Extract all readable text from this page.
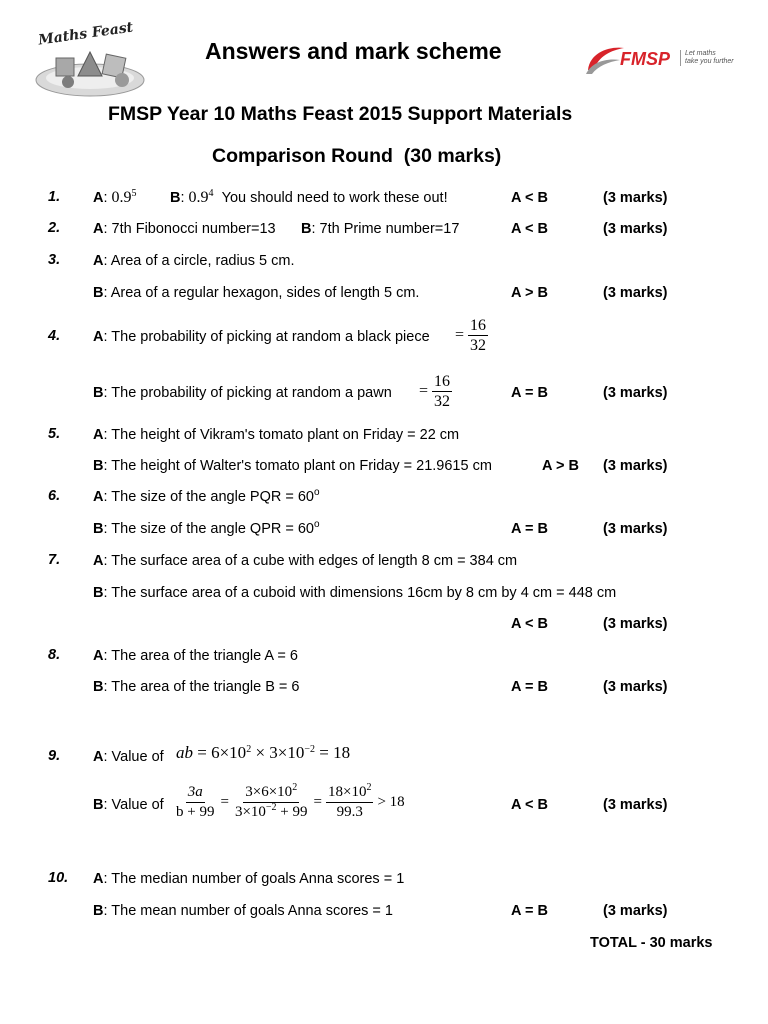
Maths Feast
Answers and mark scheme	FMSP	Let maths
take you further
FMSP Year 10 Maths Feast 2015 Support Materials
Comparison Round  (30 marks)
1. A: $0.9^5$ B: $0.9^4$ You should need to work these out!	A < B	(3 marks)
2. A: 7th Fibonocci number=13 B: 7th Prime number=17	A < B	(3 marks)
3. A: Area of a circle, radius 5 cm.
B: Area of a regular hexagon, sides of length 5 cm.	A > B	(3 marks)
4. A: The probability of picking at random a black piece = $\frac{16}{32}$
B: The probability of picking at random a pawn = $\frac{16}{32}$	A = B	(3 marks)
5. A: The height of Vikram's tomato plant on Friday = 22 cm
B: The height of Walter's tomato plant on Friday = 21.9615 cm	A > B (3 marks)
6. A: The size of the angle PQR = $60^o$
B: The size of the angle QPR = $60^o$	A = B	(3 marks)
7. A: The surface area of a cube with edges of length 8 cm = 384 cm
B: The surface area of a cuboid with dimensions 16cm by 8 cm by 4 cm = 448 cm
A < B	(3 marks)
8. A: The area of the triangle A = 6
B: The area of the triangle B = 6	A = B	(3 marks)
9. A: Value of ab = $6\times 10^2 \times 3\times 10^{-2} = 18$
B: Value of $\frac{3a}{b + 99} = \frac{3\times 6\times 10^2}{3\times 10^{-2} + 99} = \frac{18\times 10^2}{99.3} > 18$	A < B	(3 marks)
10. A: The median number of goals Anna scores = 1
B: The mean number of goals Anna scores = 1	A = B	(3 marks)
TOTAL - 30 marks
